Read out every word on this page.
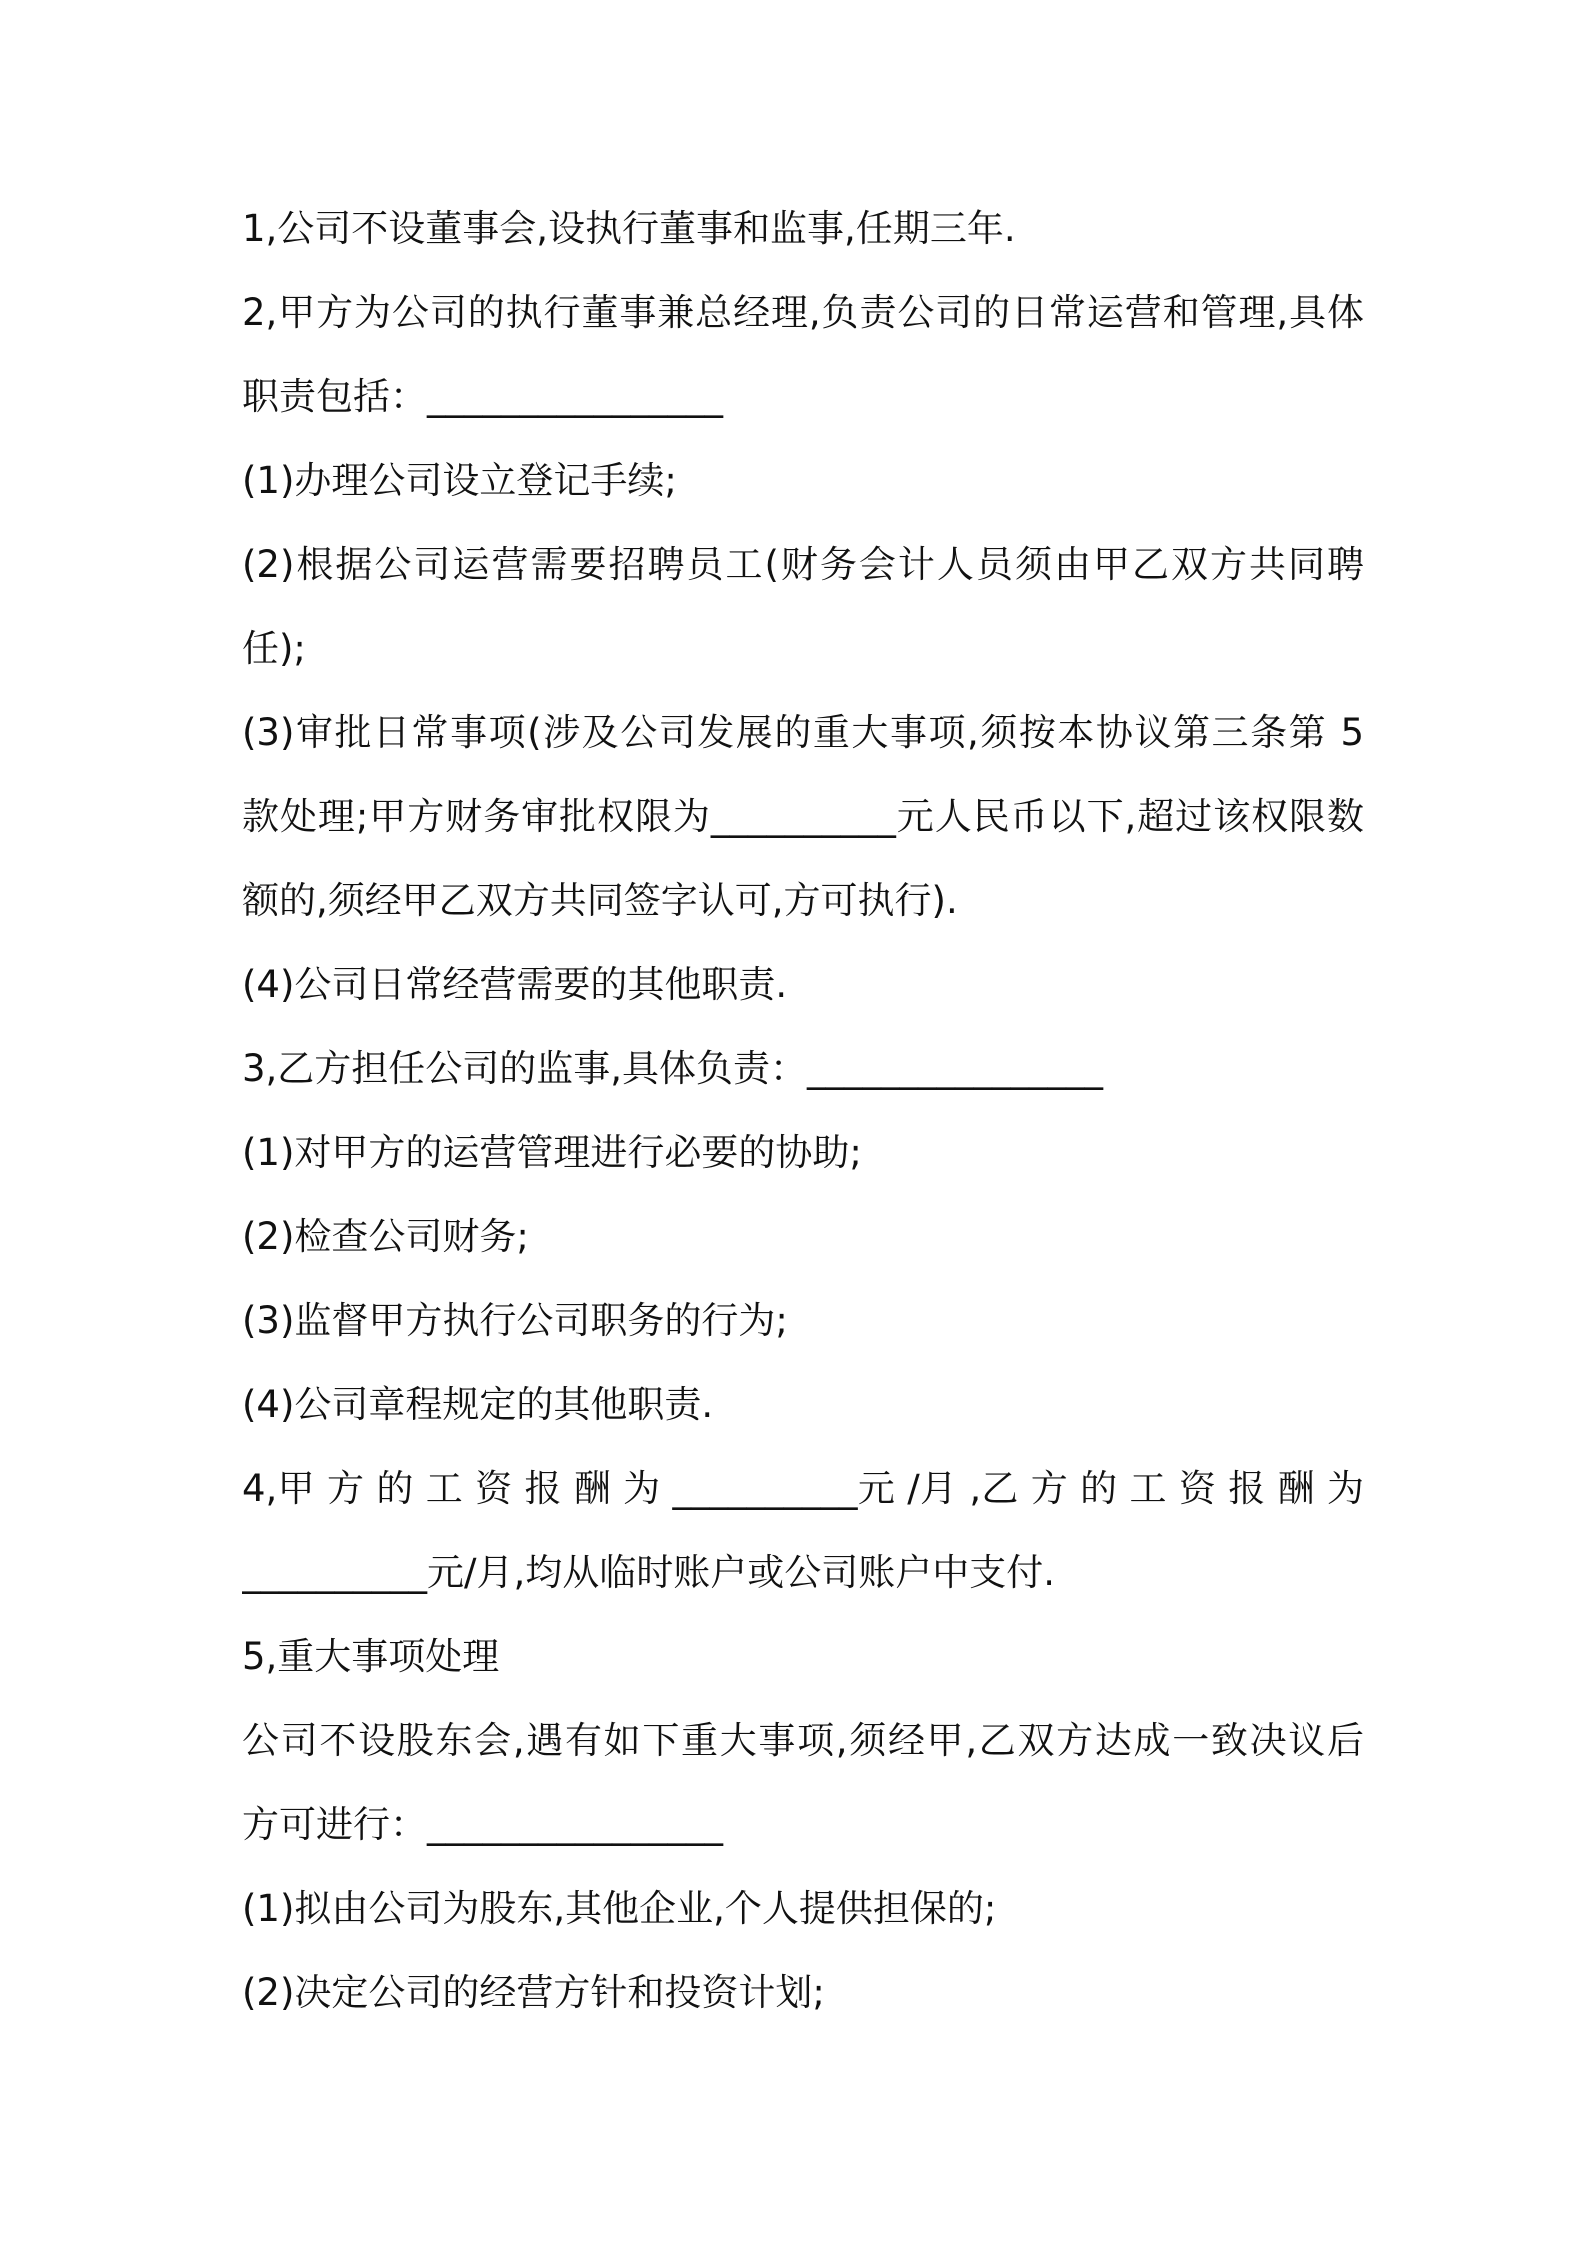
1,公司不设董事会,设执行董事和监事,任期三年.
2,甲方为公司的执行董事兼总经理,负责公司的日常运营和管理,具体
职责包括：________________
(1)办理公司设立登记手续;
(2)根据公司运营需要招聘员工(财务会计人员须由甲乙双方共同聘
任);
(3)审批日常事项(涉及公司发展的重大事项,须按本协议第三条第 5
款处理;甲方财务审批权限为__________元人民币以下,超过该权限数
额的,须经甲乙双方共同签字认可,方可执行).
(4)公司日常经营需要的其他职责.
3,乙方担任公司的监事,具体负责：________________
(1)对甲方的运营管理进行必要的协助;
(2)检查公司财务;
(3)监督甲方执行公司职务的行为;
(4)公司章程规定的其他职责.
4,甲 方 的 工 资 报 酬 为 __________元 /月 ,乙 方 的 工 资 报 酬 为
__________元/月,均从临时账户或公司账户中支付.
5,重大事项处理
公司不设股东会,遇有如下重大事项,须经甲,乙双方达成一致决议后
方可进行：________________
(1)拟由公司为股东,其他企业,个人提供担保的;
(2)决定公司的经营方针和投资计划;
